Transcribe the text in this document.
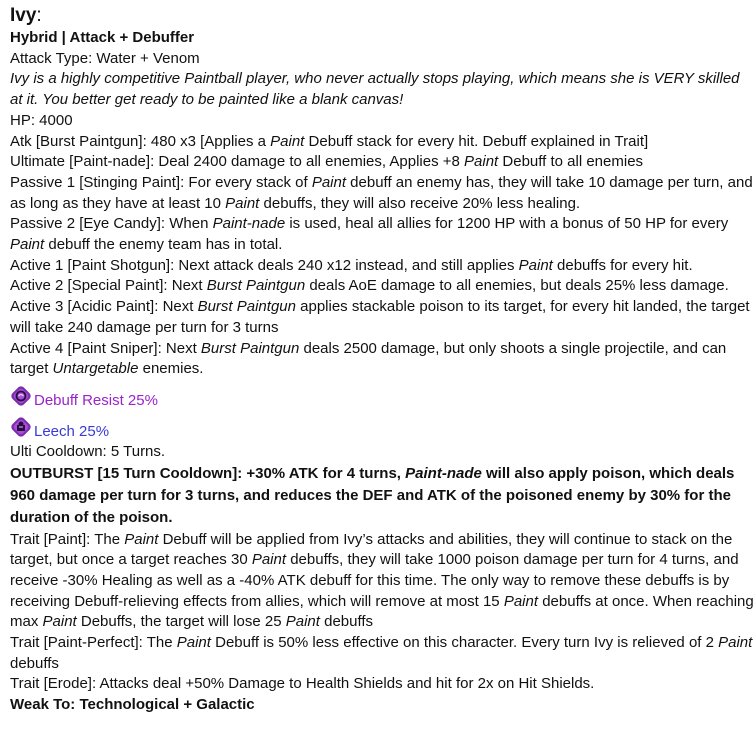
Ivy:
Hybrid | Attack + Debuffer
Attack Type: Water + Venom
Ivy is a highly competitive Paintball player, who never actually stops playing, which means she is VERY skilled at it. You better get ready to be painted like a blank canvas!
HP: 4000
Atk [Burst Paintgun]: 480 x3 [Applies a Paint Debuff stack for every hit. Debuff explained in Trait]
Ultimate [Paint-nade]: Deal 2400 damage to all enemies, Applies +8 Paint Debuff to all enemies
Passive 1 [Stinging Paint]: For every stack of Paint debuff an enemy has, they will take 10 damage per turn, and as long as they have at least 10 Paint debuffs, they will also receive 20% less healing.
Passive 2 [Eye Candy]: When Paint-nade is used, heal all allies for 1200 HP with a bonus of 50 HP for every Paint debuff the enemy team has in total.
Active 1 [Paint Shotgun]: Next attack deals 240 x12 instead, and still applies Paint debuffs for every hit.
Active 2 [Special Paint]: Next Burst Paintgun deals AoE damage to all enemies, but deals 25% less damage.
Active 3 [Acidic Paint]: Next Burst Paintgun applies stackable poison to its target, for every hit landed, the target will take 240 damage per turn for 3 turns
Active 4 [Paint Sniper]: Next Burst Paintgun deals 2500 damage, but only shoots a single projectile, and can target Untargetable enemies.
Debuff Resist 25%
Leech 25%
Ulti Cooldown: 5 Turns.
OUTBURST [15 Turn Cooldown]: +30% ATK for 4 turns, Paint-nade will also apply poison, which deals 960 damage per turn for 3 turns, and reduces the DEF and ATK of the poisoned enemy by 30% for the duration of the poison.
Trait [Paint]: The Paint Debuff will be applied from Ivy’s attacks and abilities, they will continue to stack on the target, but once a target reaches 30 Paint debuffs, they will take 1000 poison damage per turn for 4 turns, and receive -30% Healing as well as a -40% ATK debuff for this time. The only way to remove these debuffs is by receiving Debuff-relieving effects from allies, which will remove at most 15 Paint debuffs at once. When reaching max Paint Debuffs, the target will lose 25 Paint debuffs
Trait [Paint-Perfect]: The Paint Debuff is 50% less effective on this character. Every turn Ivy is relieved of 2 Paint debuffs
Trait [Erode]: Attacks deal +50% Damage to Health Shields and hit for 2x on Hit Shields.
Weak To: Technological + Galactic
